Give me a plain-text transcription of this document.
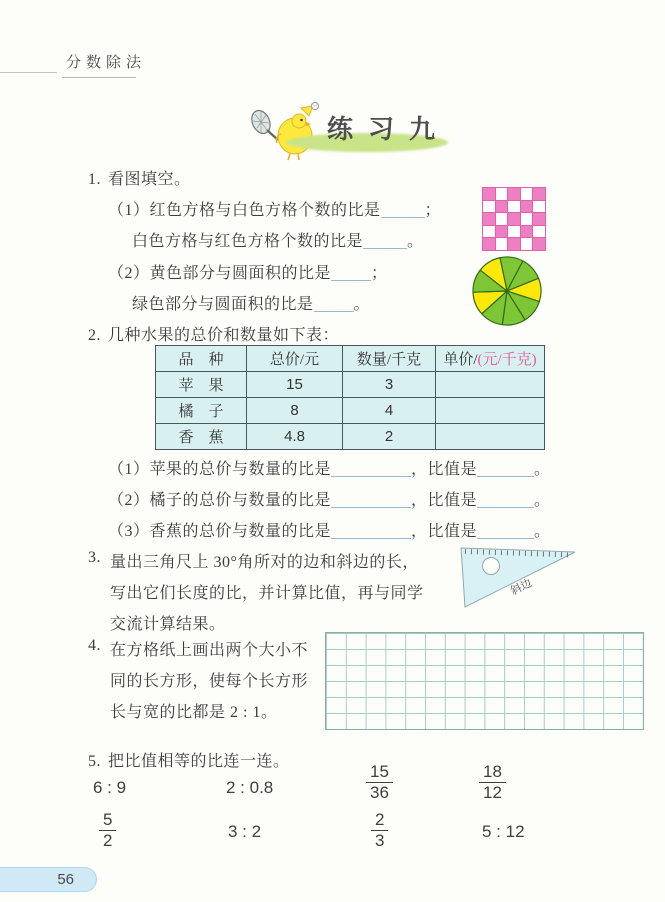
分数除法
练习九
1. 看图填空。
（1）红色方格与白色方格个数的比是	；
白色方格与红色方格个数的比是	。
（2）黄色部分与圆面积的比是	；
绿色部分与圆面积的比是	。
2. 几种水果的总价和数量如下表：
品　种	总价/元	数量/千克	单价/(元/千克)
苹　果	15	3	
橘　子	8	4	
香　蕉	4.8	2	
（1）苹果的总价与数量的比是	，比值是	。
（2）橘子的总价与数量的比是	，比值是	。
（3）香蕉的总价与数量的比是	，比值是	。
3. 量出三角尺上 30°角所对的边和斜边的长，
写出它们长度的比，并计算比值，再与同学
交流计算结果。
斜边
4. 在方格纸上画出两个大小不
同的长方形，使每个长方形
长与宽的比都是 2 : 1。
5. 把比值相等的比连一连。
6 : 9	2 : 0.8	$\frac{15}{36}$	$\frac{18}{12}$
$\frac{5}{2}$	3 : 2	$\frac{2}{3}$	5 : 12
56
